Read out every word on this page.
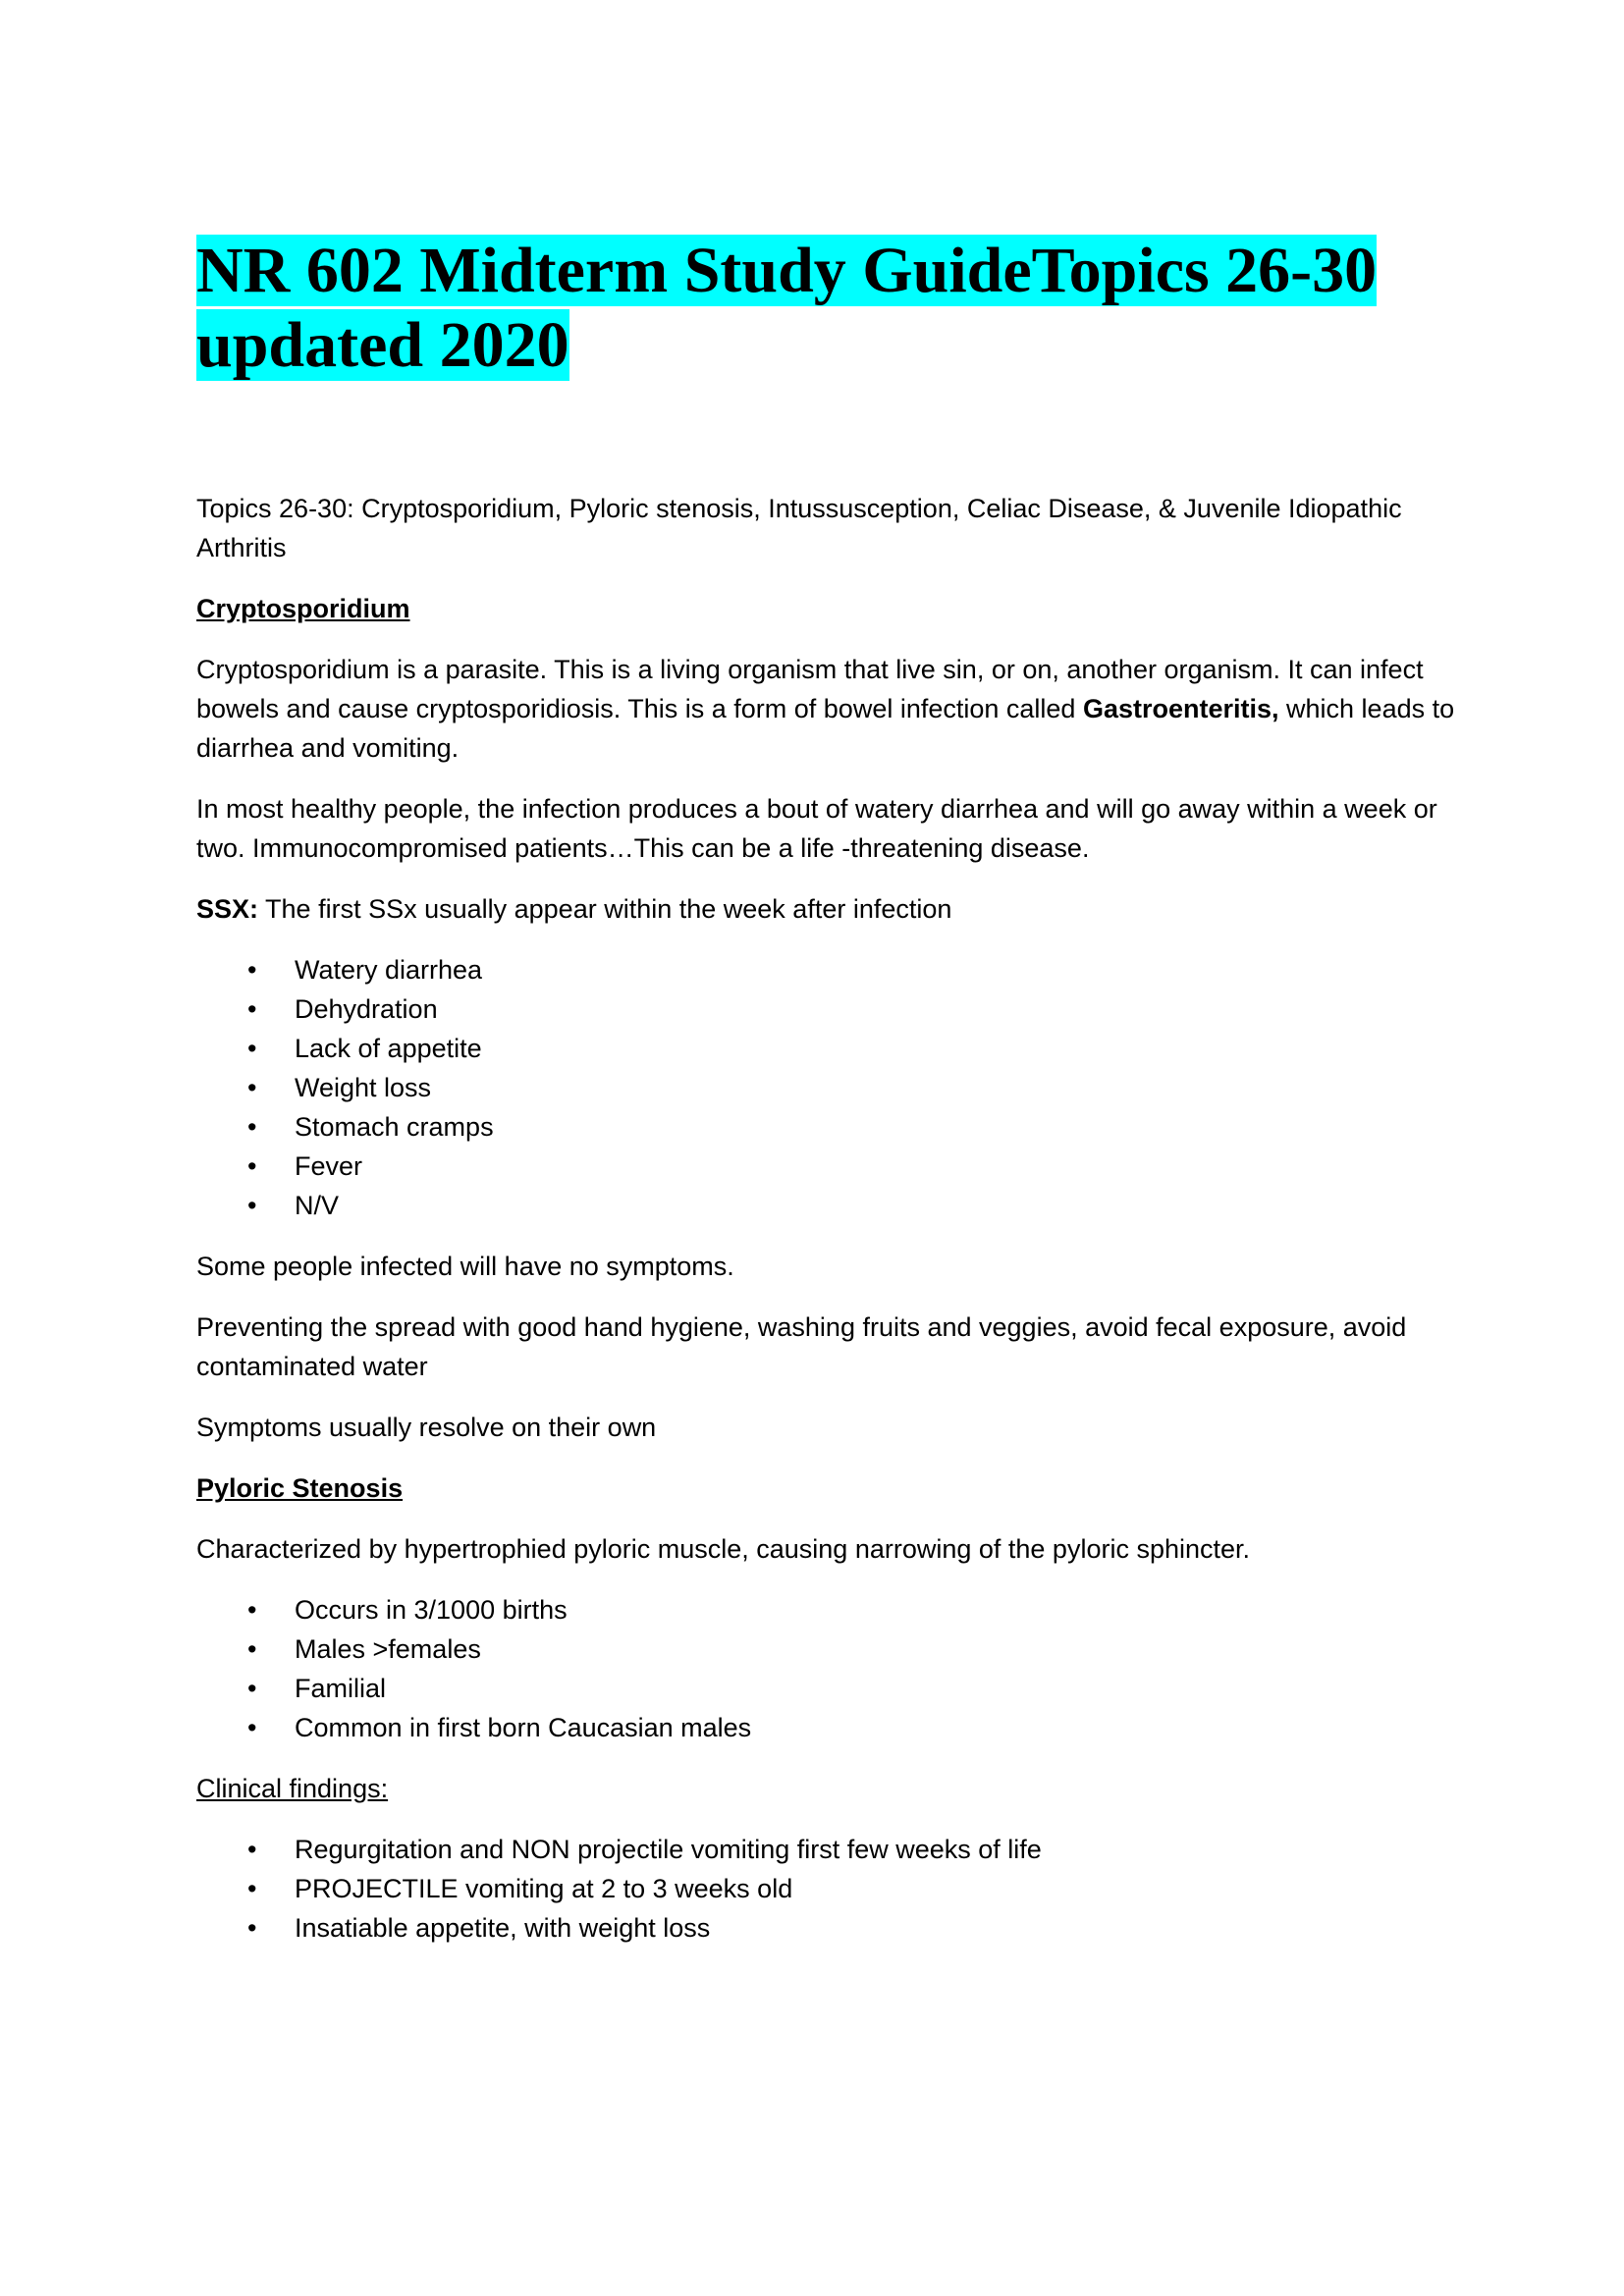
NR 602 Midterm Study GuideTopics 26-30
updated 2020

Topics 26-30: Cryptosporidium, Pyloric stenosis, Intussusception, Celiac Disease, & Juvenile Idiopathic Arthritis

Cryptosporidium

Cryptosporidium is a parasite. This is a living organism that live sin, or on, another organism. It can infect bowels and cause cryptosporidiosis. This is a form of bowel infection called Gastroenteritis, which leads to diarrhea and vomiting.

In most healthy people, the infection produces a bout of watery diarrhea and will go away within a week or two. Immunocompromised patients…This can be a life -threatening disease.

SSX: The first SSx usually appear within the week after infection

• Watery diarrhea
• Dehydration
• Lack of appetite
• Weight loss
• Stomach cramps
• Fever
• N/V

Some people infected will have no symptoms.

Preventing the spread with good hand hygiene, washing fruits and veggies, avoid fecal exposure, avoid contaminated water

Symptoms usually resolve on their own

Pyloric Stenosis

Characterized by hypertrophied pyloric muscle, causing narrowing of the pyloric sphincter.

• Occurs in 3/1000 births
• Males >females
• Familial
• Common in first born Caucasian males

Clinical findings:

• Regurgitation and NON projectile vomiting first few weeks of life
• PROJECTILE vomiting at 2 to 3 weeks old
• Insatiable appetite, with weight loss
